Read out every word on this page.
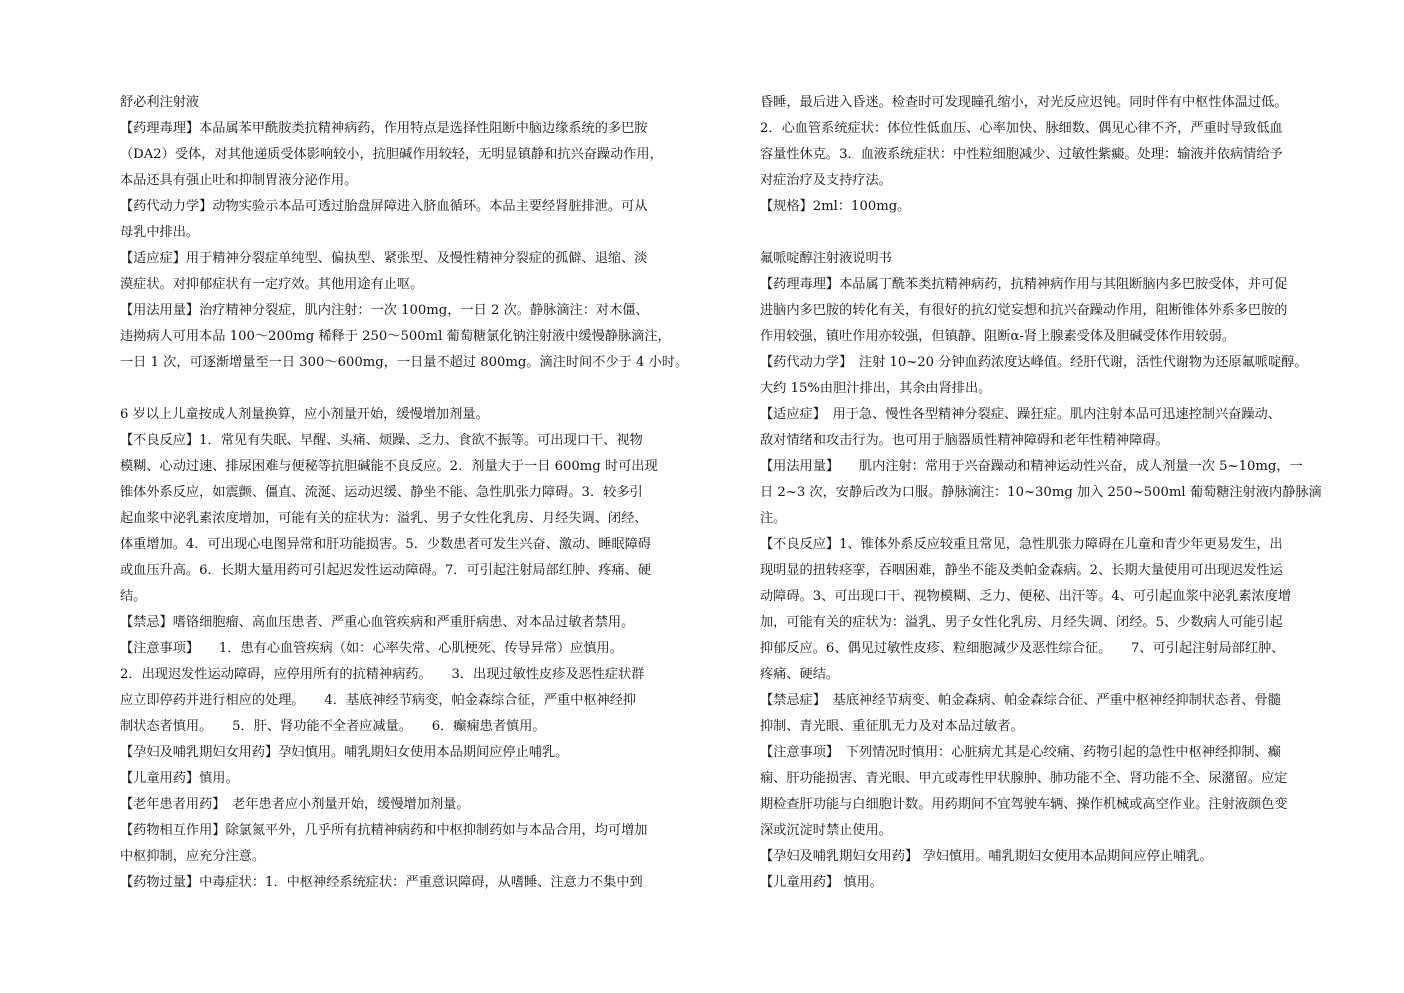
舒必利注射液
【药理毒理】本品属苯甲酰胺类抗精神病药，作用特点是选择性阻断中脑边缘系统的多巴胺
（DA2）受体，对其他递质受体影响较小，抗胆碱作用较轻，无明显镇静和抗兴奋躁动作用，
本品还具有强止吐和抑制胃液分泌作用。
【药代动力学】动物实验示本品可透过胎盘屏障进入脐血循环。本品主要经肾脏排泄。可从
母乳中排出。
【适应症】用于精神分裂症单纯型、偏执型、紧张型、及慢性精神分裂症的孤僻、退缩、淡
漠症状。对抑郁症状有一定疗效。其他用途有止呕。
【用法用量】治疗精神分裂症，肌内注射：一次 100mg，一日 2 次。静脉滴注：对木僵、
违拗病人可用本品 100～200mg 稀释于 250～500ml 葡萄糖氯化钠注射液中缓慢静脉滴注，
一日 1 次，可逐渐增量至一日 300～600mg，一日量不超过 800mg。滴注时间不少于 4 小时。
6 岁以上儿童按成人剂量换算，应小剂量开始，缓慢增加剂量。
【不良反应】1．常见有失眠、早醒、头痛、烦躁、乏力、食欲不振等。可出现口干、视物
模糊、心动过速、排尿困难与便秘等抗胆碱能不良反应。2．剂量大于一日 600mg 时可出现
锥体外系反应，如震颤、僵直、流涎、运动迟缓、静坐不能、急性肌张力障碍。3．较多引
起血浆中泌乳素浓度增加，可能有关的症状为：溢乳、男子女性化乳房、月经失调、闭经、
体重增加。4．可出现心电图异常和肝功能损害。5．少数患者可发生兴奋、激动、睡眠障碍
或血压升高。6．长期大量用药可引起迟发性运动障碍。7．可引起注射局部红肿、疼痛、硬
结。
【禁忌】嗜铬细胞瘤、高血压患者、严重心血管疾病和严重肝病患、对本品过敏者禁用。
【注意事项】　　1．患有心血管疾病（如：心率失常、心肌梗死、传导异常）应慎用。
2．出现迟发性运动障碍，应停用所有的抗精神病药。　　3．出现过敏性皮疹及恶性症状群
应立即停药并进行相应的处理。　　4．基底神经节病变，帕金森综合征，严重中枢神经抑
制状态者慎用。　　5．肝、肾功能不全者应减量。　　6．癫痫患者慎用。
【孕妇及哺乳期妇女用药】孕妇慎用。哺乳期妇女使用本品期间应停止哺乳。
【儿童用药】慎用。
【老年患者用药】　老年患者应小剂量开始，缓慢增加剂量。
【药物相互作用】除氯氮平外，几乎所有抗精神病药和中枢抑制药如与本品合用，均可增加
中枢抑制，应充分注意。
【药物过量】中毒症状：1．中枢神经系统症状：严重意识障碍，从嗜睡、注意力不集中到
昏睡，最后进入昏迷。检查时可发现瞳孔缩小，对光反应迟钝。同时伴有中枢性体温过低。
2．心血管系统症状：体位性低血压、心率加快、脉细数、偶见心律不齐，严重时导致低血
容量性休克。3．血液系统症状：中性粒细胞减少、过敏性紫癜。处理：输液并依病情给予
对症治疗及支持疗法。
【规格】2ml：100mg。
氟哌啶醇注射液说明书
【药理毒理】本品属丁酰苯类抗精神病药，抗精神病作用与其阻断脑内多巴胺受体，并可促
进脑内多巴胺的转化有关，有很好的抗幻觉妄想和抗兴奋躁动作用，阻断锥体外系多巴胺的
作用较强，镇吐作用亦较强，但镇静、阻断α-肾上腺素受体及胆碱受体作用较弱。
【药代动力学】　注射 10~20 分钟血药浓度达峰值。经肝代谢，活性代谢物为还原氟哌啶醇。
大约 15%由胆汁排出，其余由肾排出。
【适应症】　用于急、慢性各型精神分裂症、躁狂症。肌内注射本品可迅速控制兴奋躁动、
敌对情绪和攻击行为。也可用于脑器质性精神障碍和老年性精神障碍。
【用法用量】　　肌内注射：常用于兴奋躁动和精神运动性兴奋，成人剂量一次 5~10mg，一
日 2~3 次，安静后改为口服。静脉滴注：10~30mg 加入 250~500ml 葡萄糖注射液内静脉滴
注。
【不良反应】1、锥体外系反应较重且常见，急性肌张力障碍在儿童和青少年更易发生，出
现明显的扭转痉挛，吞咽困难，静坐不能及类帕金森病。2、长期大量使用可出现迟发性运
动障碍。3、可出现口干、视物模糊、乏力、便秘、出汗等。4、可引起血浆中泌乳素浓度增
加，可能有关的症状为：溢乳、男子女性化乳房、月经失调、闭经。5、少数病人可能引起
抑郁反应。6、偶见过敏性皮疹、粒细胞减少及恶性综合征。　　7、可引起注射局部红肿、
疼痛、硬结。
【禁忌症】　基底神经节病变、帕金森病、帕金森综合征、严重中枢神经抑制状态者、骨髓
抑制、青光眼、重征肌无力及对本品过敏者。
【注意事项】　下列情况时慎用：心脏病尤其是心绞痛、药物引起的急性中枢神经抑制、癫
痫、肝功能损害、青光眼、甲亢或毒性甲状腺肿、肺功能不全、肾功能不全、尿潴留。应定
期检查肝功能与白细胞计数。用药期间不宜驾驶车辆、操作机械或高空作业。注射液颜色变
深或沉淀时禁止使用。
【孕妇及哺乳期妇女用药】 孕妇慎用。哺乳期妇女使用本品期间应停止哺乳。
【儿童用药】 慎用。
